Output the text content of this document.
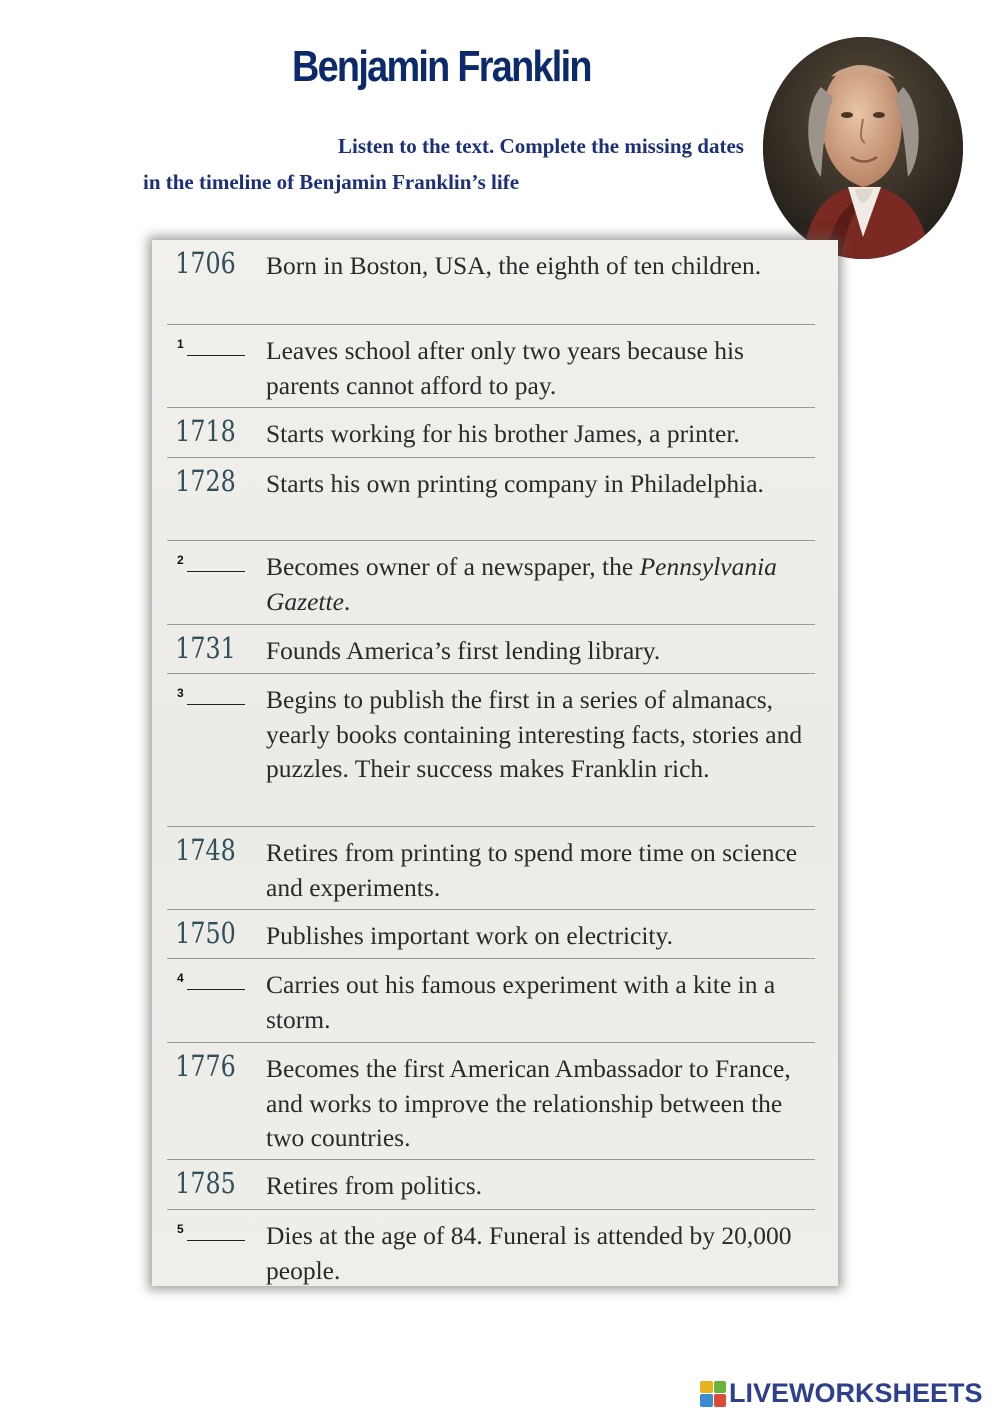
Benjamin Franklin
Listen to the text. Complete the missing dates in the timeline of Benjamin Franklin’s life
1706	Born in Boston, USA, the eighth of ten children.
1	Leaves school after only two years because his parents cannot afford to pay.
1718	Starts working for his brother James, a printer.
1728	Starts his own printing company in Philadelphia.
2	Becomes owner of a newspaper, the Pennsylvania Gazette.
1731	Founds America’s first lending library.
3	Begins to publish the first in a series of almanacs, yearly books containing interesting facts, stories and puzzles. Their success makes Franklin rich.
1748	Retires from printing to spend more time on science and experiments.
1750	Publishes important work on electricity.
4	Carries out his famous experiment with a kite in a storm.
1776	Becomes the first American Ambassador to France, and works to improve the relationship between the two countries.
1785	Retires from politics.
5	Dies at the age of 84. Funeral is attended by 20,000 people.
LIVEWORKSHEETS
